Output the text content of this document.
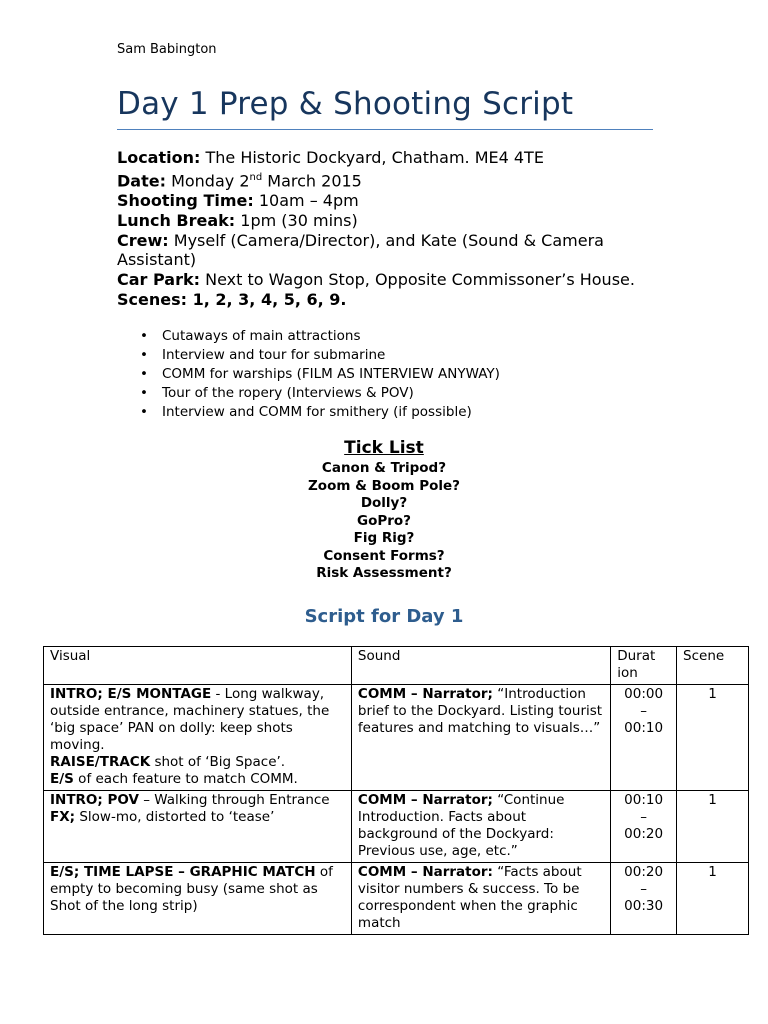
Sam Babington
Day 1 Prep & Shooting Script

Location: The Historic Dockyard, Chatham. ME4 4TE

Date: Monday 2nd March 2015

Shooting Time: 10am – 4pm

Lunch Break: 1pm (30 mins)

Crew: Myself (Camera/Director), and Kate (Sound & Camera Assistant)

Car Park: Next to Wagon Stop, Opposite Commissoner’s House.

Scenes: 1, 2, 3, 4, 5, 6, 9.

• Cutaways of main attractions
• Interview and tour for submarine
• COMM for warships (FILM AS INTERVIEW ANYWAY)
• Tour of the ropery (Interviews & POV)
• Interview and COMM for smithery (if possible)
Tick List
Canon & Tripod?
Zoom & Boom Pole?
Dolly?
GoPro?
Fig Rig?
Consent Forms?
Risk Assessment?
Script for Day 1
Visual	Sound	Durat
ion	Scene
INTRO; E/S MONTAGE - Long walkway, outside entrance, machinery statues, the ‘big space’ PAN on dolly: keep shots moving.
RAISE/TRACK shot of ‘Big Space’.
E/S of each feature to match COMM.	COMM – Narrator; “Introduction brief to the Dockyard. Listing tourist features and matching to visuals…”	00:00
–
00:10	1
INTRO; POV – Walking through Entrance
FX; Slow-mo, distorted to ‘tease’	COMM – Narrator; “Continue Introduction. Facts about background of the Dockyard: Previous use, age, etc.”	00:10
–
00:20	1
E/S; TIME LAPSE – GRAPHIC MATCH of empty to becoming busy (same shot as Shot of the long strip)	COMM – Narrator: “Facts about visitor numbers & success. To be correspondent when the graphic match	00:20
–
00:30	1
